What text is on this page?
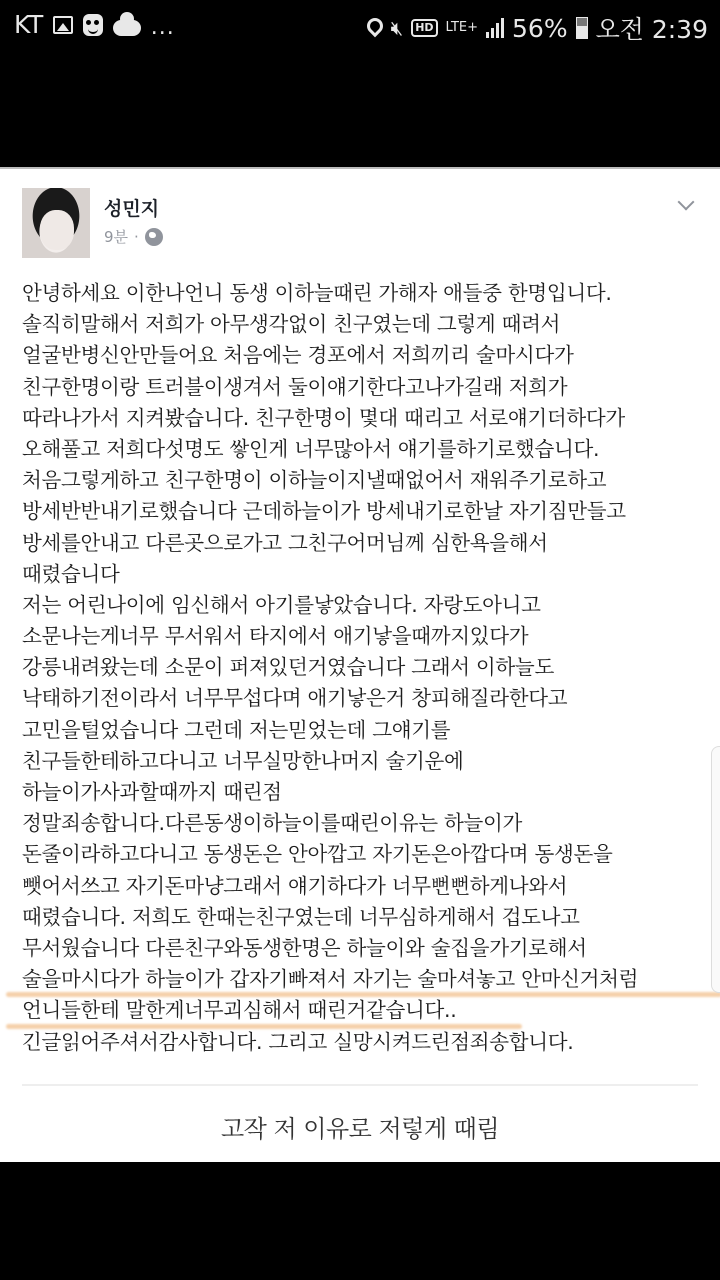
KT	...	🔇︎	HD LTE+ 56% 오전 2:39
성민지
9분 ·
안녕하세요 이한나언니 동생 이하늘때린 가해자 애들중 한명입니다.
솔직히말해서 저희가 아무생각없이 친구였는데 그렇게 때려서
얼굴반병신안만들어요 처음에는 경포에서 저희끼리 술마시다가
친구한명이랑 트러블이생겨서 둘이얘기한다고나가길래 저희가
따라나가서 지켜봤습니다. 친구한명이 몇대 때리고 서로얘기더하다가
오해풀고 저희다섯명도 쌓인게 너무많아서 얘기를하기로했습니다.
처음그렇게하고 친구한명이 이하늘이지낼때없어서 재워주기로하고
방세반반내기로했습니다 근데하늘이가 방세내기로한날 자기짐만들고
방세를안내고 다른곳으로가고 그친구어머님께 심한욕을해서
때렸습니다
저는 어린나이에 임신해서 아기를낳았습니다. 자랑도아니고
소문나는게너무 무서워서 타지에서 애기낳을때까지있다가
강릉내려왔는데 소문이 퍼져있던거였습니다 그래서 이하늘도
낙태하기전이라서 너무무섭다며 애기낳은거 창피해질라한다고
고민을털었습니다 그런데 저는믿었는데 그얘기를
친구들한테하고다니고 너무실망한나머지 술기운에
하늘이가사과할때까지 때린점
정말죄송합니다.다른동생이하늘이를때린이유는 하늘이가
돈줄이라하고다니고 동생돈은 안아깝고 자기돈은아깝다며 동생돈을
뺏어서쓰고 자기돈마냥그래서 얘기하다가 너무뻔뻔하게나와서
때렸습니다. 저희도 한때는친구였는데 너무심하게해서 겁도나고
무서웠습니다 다른친구와동생한명은 하늘이와 술집을가기로해서
술을마시다가 하늘이가 갑자기빠져서 자기는 술마셔놓고 안마신거처럼
언니들한테 말한게너무괴심해서 때린거같습니다..
긴글읽어주셔서감사합니다. 그리고 실망시켜드린점죄송합니다.
고작 저 이유로 저렇게 때림
